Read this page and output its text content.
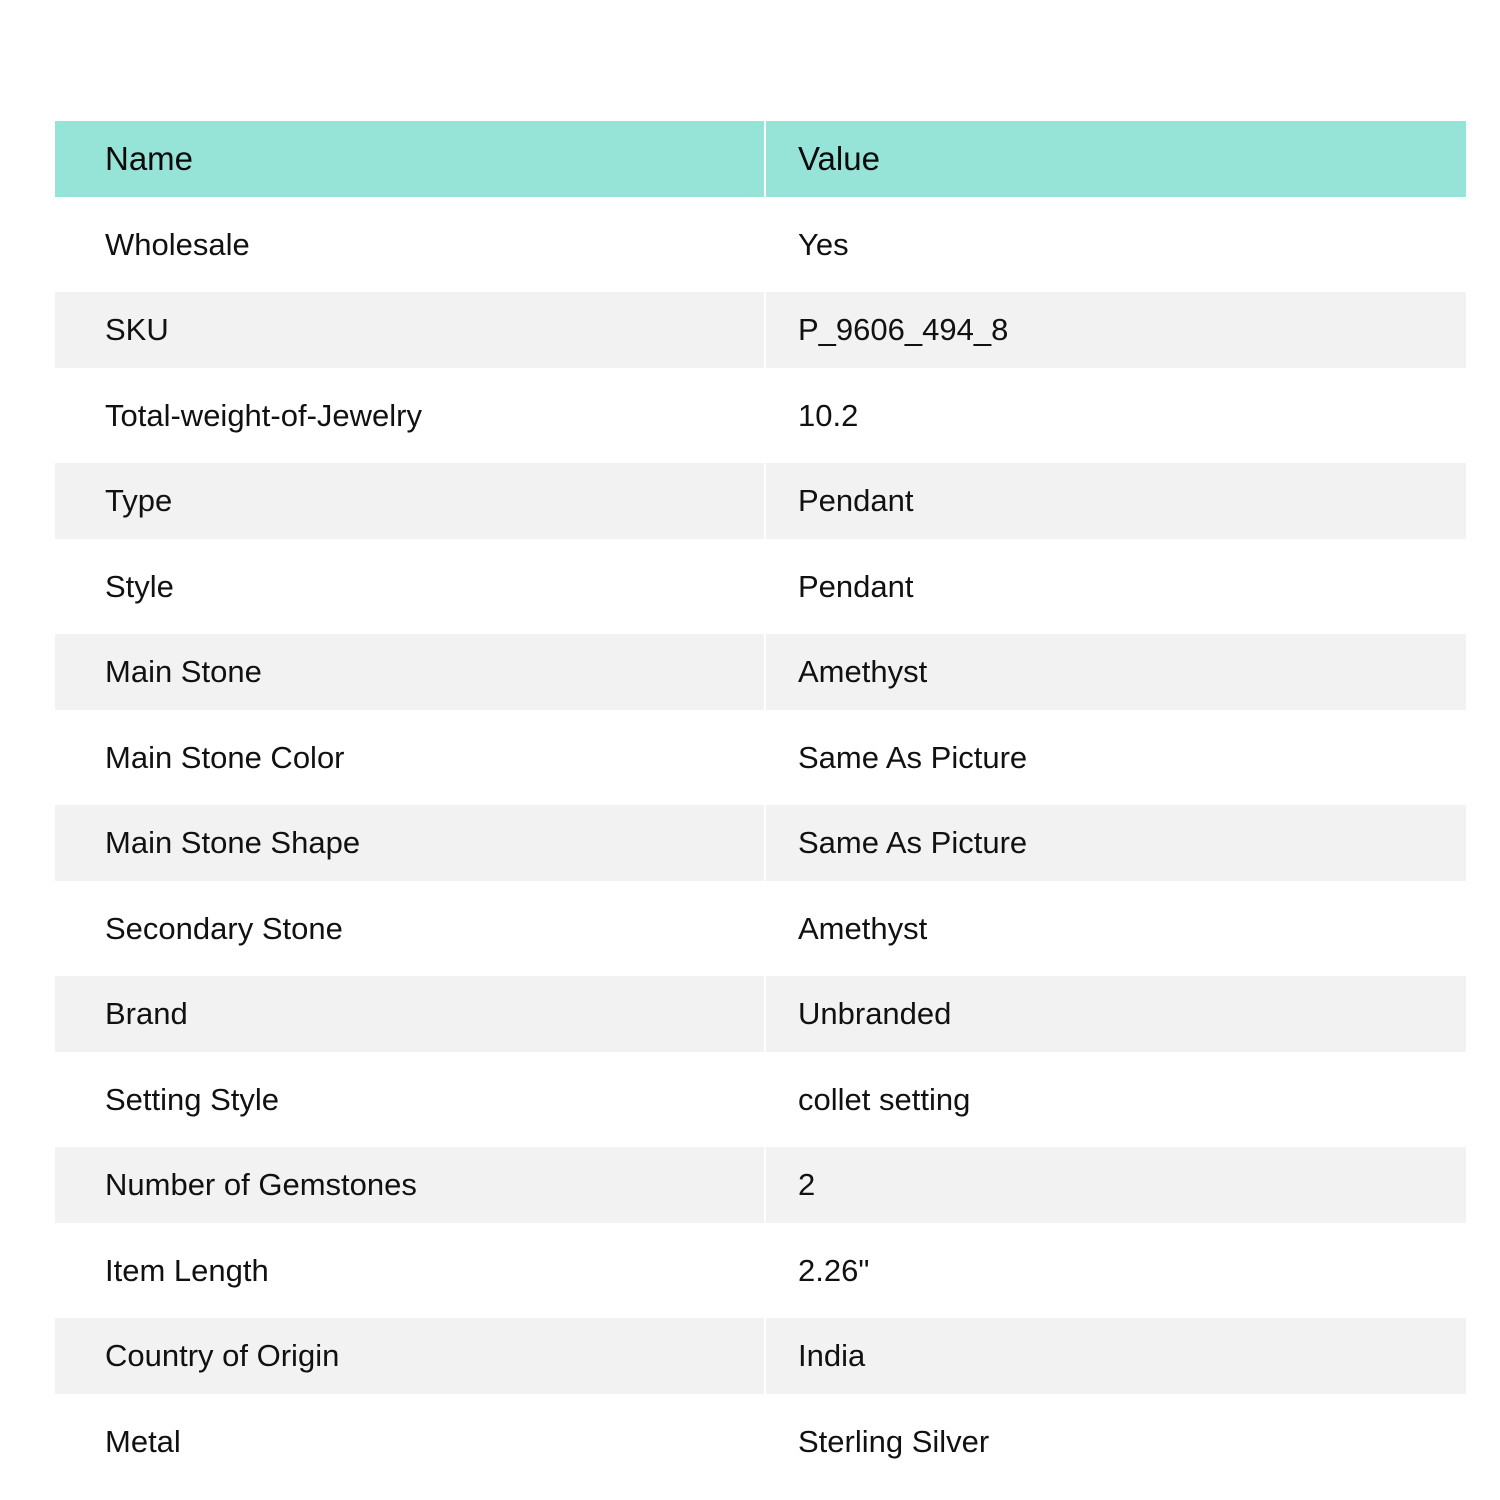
Name	Value
Wholesale	Yes
SKU	P_9606_494_8
Total-weight-of-Jewelry	10.2
Type	Pendant
Style	Pendant
Main Stone	Amethyst
Main Stone Color	Same As Picture
Main Stone Shape	Same As Picture
Secondary Stone	Amethyst
Brand	Unbranded
Setting Style	collet setting
Number of Gemstones	2
Item Length	2.26"
Country of Origin	India
Metal	Sterling Silver
